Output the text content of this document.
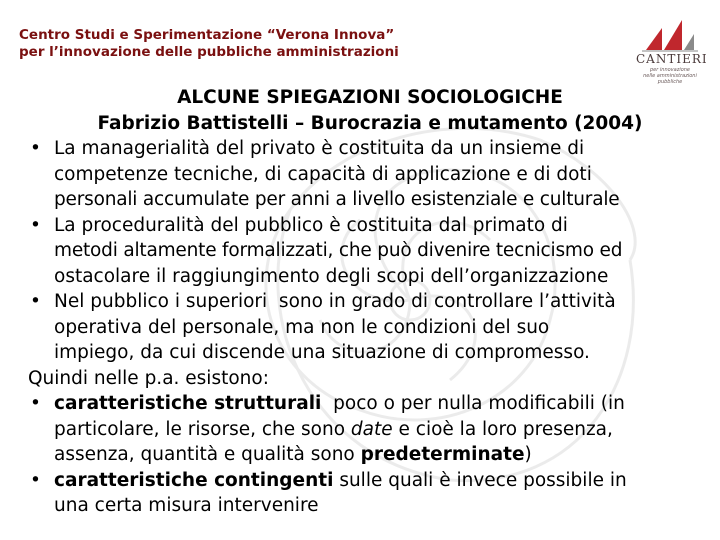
Centro Studi e Sperimentazione “Verona Innova”
per l’innovazione delle pubbliche amministrazioni	CANTIERI
per innovazione
nelle amministrazioni pubbliche
ALCUNE SPIEGAZIONI SOCIOLOGICHE
Fabrizio Battistelli – Burocrazia e mutamento (2004)
• La managerialità del privato è costituita da un insieme di
competenze tecniche, di capacità di applicazione e di doti
personali accumulate per anni a livello esistenziale e culturale
• La proceduralità del pubblico è costituita dal primato di
metodi altamente formalizzati, che può divenire tecnicismo ed
ostacolare il raggiungimento degli scopi dell’organizzazione
• Nel pubblico i superiori  sono in grado di controllare l’attività
operativa del personale, ma non le condizioni del suo
impiego, da cui discende una situazione di compromesso.
Quindi nelle p.a. esistono:
• caratteristiche strutturali  poco o per nulla modificabili (in
particolare, le risorse, che sono date e cioè la loro presenza,
assenza, quantità e qualità sono predeterminate)
• caratteristiche contingenti sulle quali è invece possibile in
una certa misura intervenire
